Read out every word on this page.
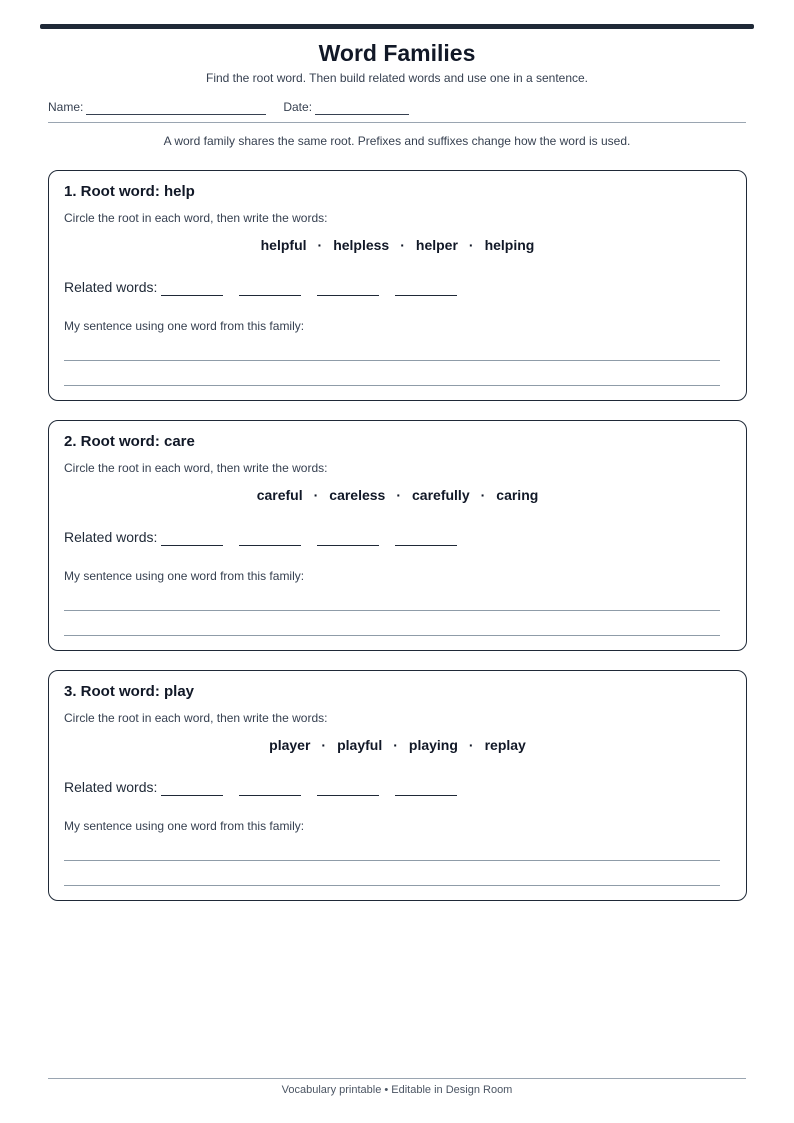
Word Families
Find the root word. Then build related words and use one in a sentence.
Name:	Date:
A word family shares the same root. Prefixes and suffixes change how the word is used.
1. Root word: help
Circle the root in each word, then write the words:
helpful · helpless · helper · helping
Related words:
My sentence using one word from this family:
2. Root word: care
Circle the root in each word, then write the words:
careful · careless · carefully · caring
Related words:
My sentence using one word from this family:
3. Root word: play
Circle the root in each word, then write the words:
player · playful · playing · replay
Related words:
My sentence using one word from this family:
Vocabulary printable • Editable in Design Room
